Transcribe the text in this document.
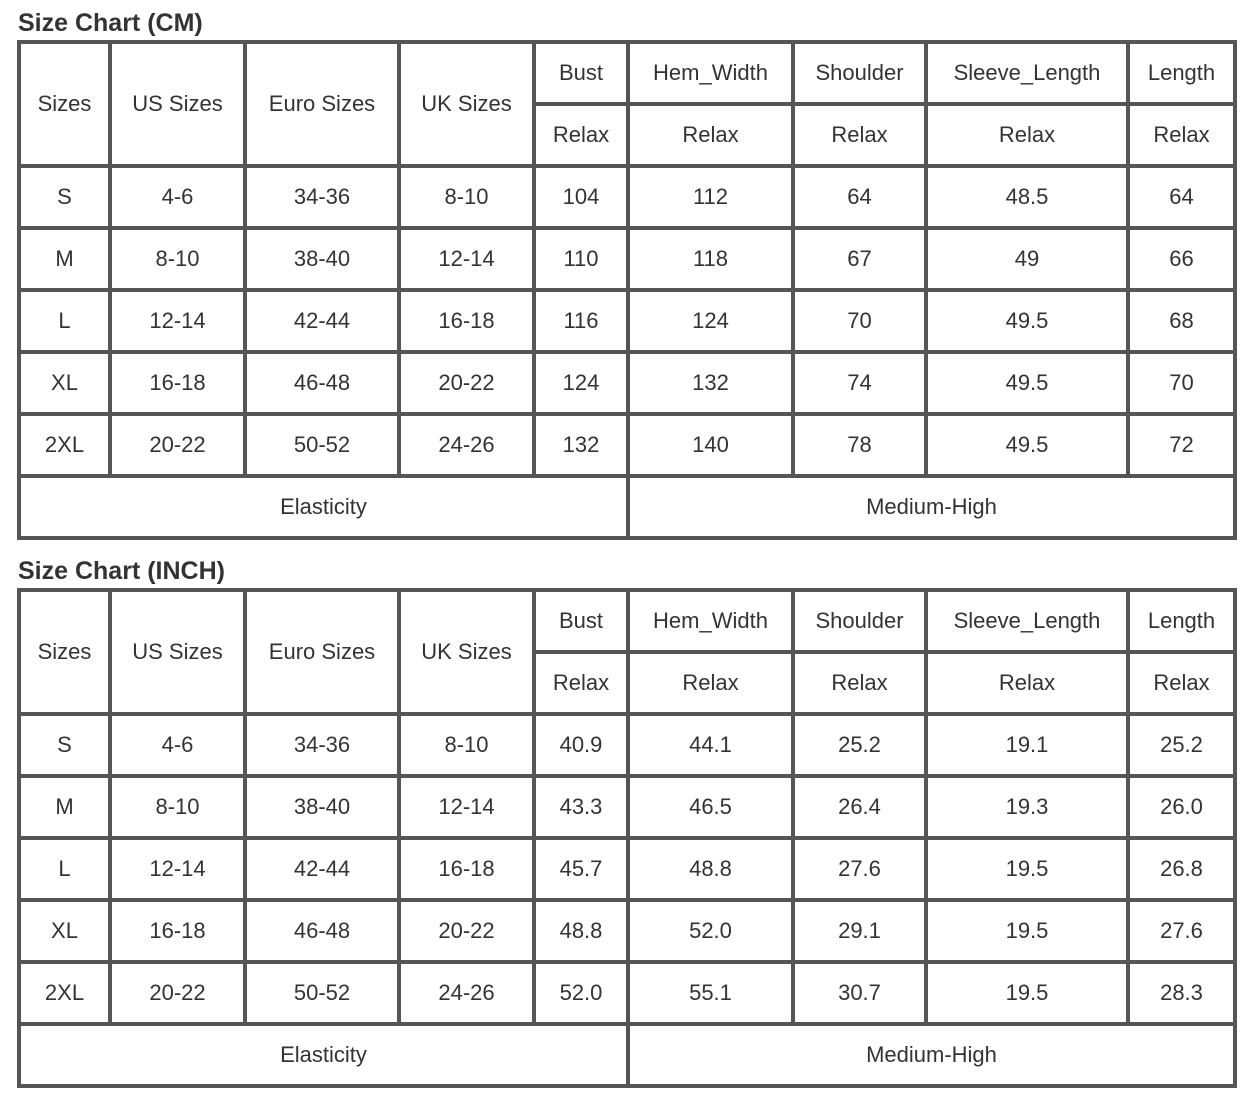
Size Chart (CM)
Sizes	US Sizes	Euro Sizes	UK Sizes	Bust	Hem_Width	Shoulder	Sleeve_Length	Length
				Relax	Relax	Relax	Relax	Relax
S	4-6	34-36	8-10	104	112	64	48.5	64
M	8-10	38-40	12-14	110	118	67	49	66
L	12-14	42-44	16-18	116	124	70	49.5	68
XL	16-18	46-48	20-22	124	132	74	49.5	70
2XL	20-22	50-52	24-26	132	140	78	49.5	72
Elasticity					Medium-High			
Size Chart (INCH)
Sizes	US Sizes	Euro Sizes	UK Sizes	Bust	Hem_Width	Shoulder	Sleeve_Length	Length
				Relax	Relax	Relax	Relax	Relax
S	4-6	34-36	8-10	40.9	44.1	25.2	19.1	25.2
M	8-10	38-40	12-14	43.3	46.5	26.4	19.3	26.0
L	12-14	42-44	16-18	45.7	48.8	27.6	19.5	26.8
XL	16-18	46-48	20-22	48.8	52.0	29.1	19.5	27.6
2XL	20-22	50-52	24-26	52.0	55.1	30.7	19.5	28.3
Elasticity					Medium-High			
